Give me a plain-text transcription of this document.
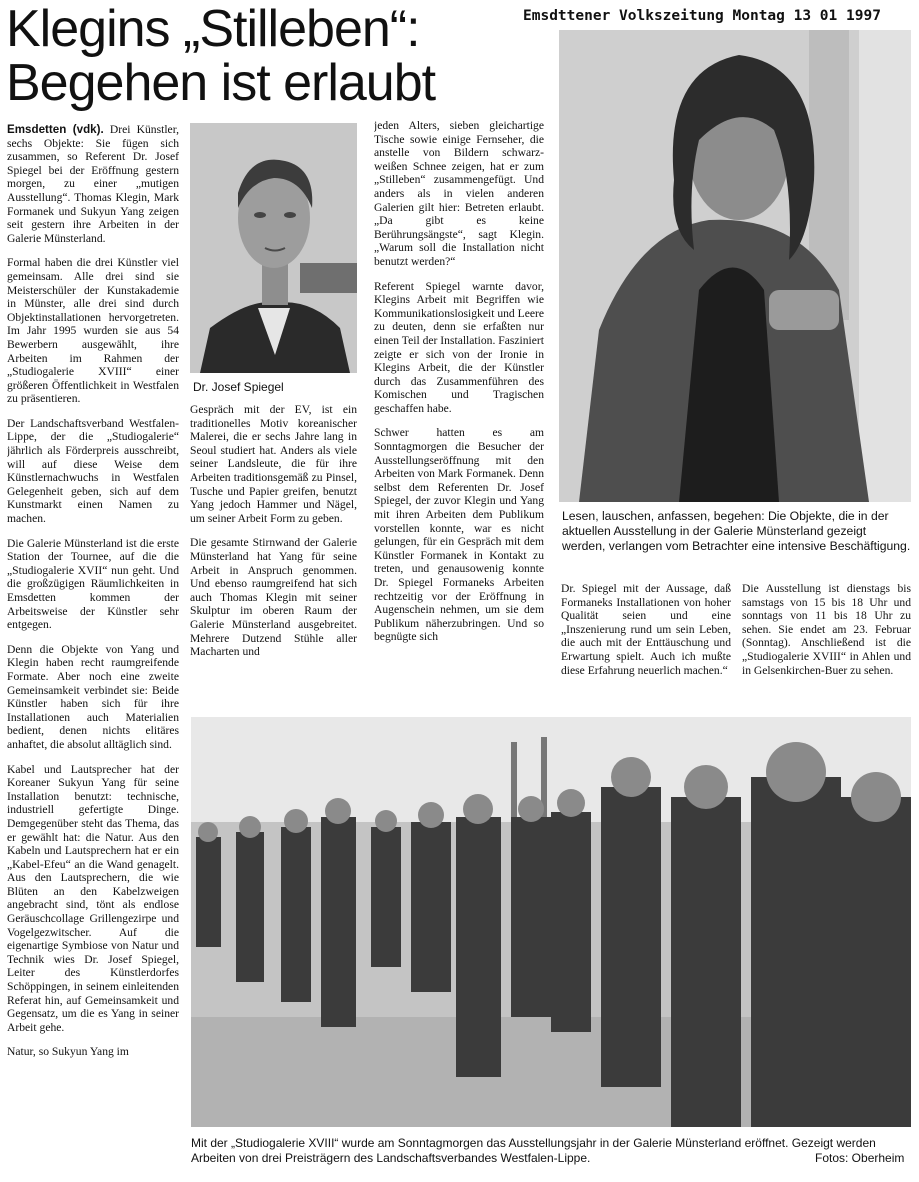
Klegins „Stilleben“:
Begehen ist erlaubt
Emsdttener Volkszeitung Montag 13 01 1997

Emsdetten (vdk). Drei Künstler, sechs Objekte: Sie fügen sich zusammen, so Referent Dr. Josef Spiegel bei der Eröffnung gestern morgen, zu einer „mutigen Ausstellung“. Thomas Klegin, Mark Formanek und Sukyun Yang zeigen seit gestern ihre Arbeiten in der Galerie Münsterland.

Formal haben die drei Künstler viel gemeinsam. Alle drei sind sie Meisterschüler der Kunstakademie in Münster, alle drei sind durch Objektinstallationen hervorgetreten. Im Jahr 1995 wurden sie aus 54 Bewerbern ausgewählt, ihre Arbeiten im Rahmen der „Studiogalerie XVIII“ einer größeren Öffentlichkeit in Westfalen zu präsentieren.

Der Landschaftsverband Westfalen-Lippe, der die „Studiogalerie“ jährlich als Förderpreis ausschreibt, will auf diese Weise dem Künstlernachwuchs in Westfalen Gelegenheit geben, sich auf dem Kunstmarkt einen Namen zu machen.

Die Galerie Münsterland ist die erste Station der Tournee, auf die die „Studiogalerie XVII“ nun geht. Und die großzügigen Räumlichkeiten in Emsdetten kommen der Arbeitsweise der Künstler sehr entgegen.

Denn die Objekte von Yang und Klegin haben recht raumgreifende Formate. Aber noch eine zweite Gemeinsamkeit verbindet sie: Beide Künstler haben sich für ihre Installationen auch Materialien bedient, denen nichts elitäres anhaftet, die absolut alltäglich sind.

Kabel und Lautsprecher hat der Koreaner Sukyun Yang für seine Installation benutzt: technische, industriell gefertigte Dinge. Demgegenüber steht das Thema, das er gewählt hat: die Natur. Aus den Kabeln und Lautsprechern hat er ein „Kabel-Efeu“ an die Wand genagelt. Aus den Lautsprechern, die wie Blüten an den Kabelzweigen angebracht sind, tönt als endlose Geräuschcollage Grillengezirpe und Vogelgezwitscher. Auf die eigenartige Symbiose von Natur und Technik wies Dr. Josef Spiegel, Leiter des Künstlerdorfes Schöppingen, in seinem einleitenden Referat hin, auf Gemeinsamkeit und Gegensatz, um die es Yang in seiner Arbeit gehe.

Natur, so Sukyun Yang im

Dr. Josef Spiegel

Gespräch mit der EV, ist ein traditionelles Motiv koreanischer Malerei, die er sechs Jahre lang in Seoul studiert hat. Anders als viele seiner Landsleute, die für ihre Arbeiten traditionsgemäß zu Pinsel, Tusche und Papier greifen, benutzt Yang jedoch Hammer und Nägel, um seiner Arbeit Form zu geben.

Die gesamte Stirnwand der Galerie Münsterland hat Yang für seine Arbeit in Anspruch genommen. Und ebenso raumgreifend hat sich auch Thomas Klegin mit seiner Skulptur im oberen Raum der Galerie Münsterland ausgebreitet. Mehrere Dutzend Stühle aller Macharten und

jeden Alters, sieben gleichartige Tische sowie einige Fernseher, die anstelle von Bildern schwarz-weißen Schnee zeigen, hat er zum „Stilleben“ zusammengefügt. Und anders als in vielen anderen Galerien gilt hier: Betreten erlaubt. „Da gibt es keine Berührungsängste“, sagt Klegin. „Warum soll die Installation nicht benutzt werden?“

Referent Spiegel warnte davor, Klegins Arbeit mit Begriffen wie Kommunikationslosigkeit und Leere zu deuten, denn sie erfaßten nur einen Teil der Installation. Fasziniert zeigte er sich von der Ironie in Klegins Arbeit, die der Künstler durch das Zusammenführen des Komischen und Tragischen geschaffen habe.

Schwer hatten es am Sonntagmorgen die Besucher der Ausstellungseröffnung mit den Arbeiten von Mark Formanek. Denn selbst dem Referenten Dr. Josef Spiegel, der zuvor Klegin und Yang mit ihren Arbeiten dem Publikum vorstellen konnte, war es nicht gelungen, für ein Gespräch mit dem Künstler Formanek in Kontakt zu treten, und genausowenig konnte Dr. Spiegel Formaneks Arbeiten rechtzeitig vor der Eröffnung in Augenschein nehmen, um sie dem Publikum näherzubringen. Und so begnügte sich

Lesen, lauschen, anfassen, begehen: Die Objekte, die in der aktuellen Ausstellung in der Galerie Münsterland gezeigt werden, verlangen vom Betrachter eine intensive Beschäftigung.

Dr. Spiegel mit der Aussage, daß Formaneks Installationen von hoher Qualität seien und eine „Inszenierung rund um sein Leben, die auch mit der Enttäuschung und Erwartung spielt. Auch ich mußte diese Erfahrung neuerlich machen.“

Die Ausstellung ist dienstags bis samstags von 15 bis 18 Uhr und sonntags von 11 bis 18 Uhr zu sehen. Sie endet am 23. Februar (Sonntag). Anschließend ist die „Studiogalerie XVIII“ in Ahlen und in Gelsenkirchen-Buer zu sehen.

Mit der „Studiogalerie XVIII“ wurde am Sonntagmorgen das Ausstellungsjahr in der Galerie Münsterland eröffnet. Gezeigt werden Arbeiten von drei Preisträgern des Landschaftsverbandes Westfalen-Lippe.	Fotos: Oberheim
